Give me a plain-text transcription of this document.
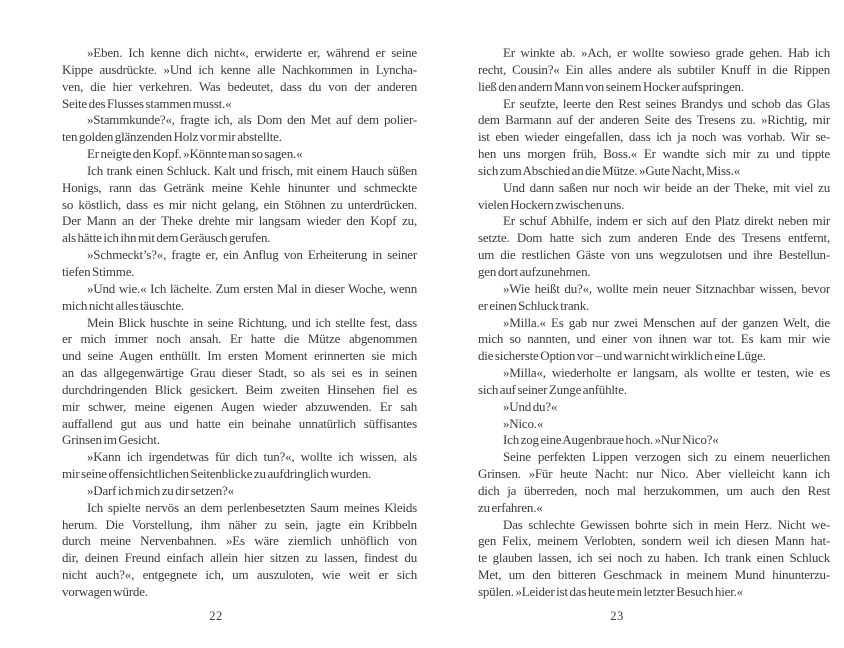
»Eben. Ich kenne dich nicht«, erwiderte er, während er seine
Kippe ausdrückte. »Und ich kenne alle Nachkommen in Lyncha-
ven, die hier verkehren. Was bedeutet, dass du von der anderen
Seite des Flusses stammen musst.«
»Stammkunde?«, fragte ich, als Dom den Met auf dem polier-
ten golden glänzenden Holz vor mir abstellte.
Er neigte den Kopf. »Könnte man so sagen.«
Ich trank einen Schluck. Kalt und frisch, mit einem Hauch süßen
Honigs, rann das Getränk meine Kehle hinunter und schmeckte
so köstlich, dass es mir nicht gelang, ein Stöhnen zu unterdrücken.
Der Mann an der Theke drehte mir langsam wieder den Kopf zu,
als hätte ich ihn mit dem Geräusch gerufen.
»Schmeckt’s?«, fragte er, ein Anflug von Erheiterung in seiner
tiefen Stimme.
»Und wie.« Ich lächelte. Zum ersten Mal in dieser Woche, wenn
mich nicht alles täuschte.
Mein Blick huschte in seine Richtung, und ich stellte fest, dass
er mich immer noch ansah. Er hatte die Mütze abgenommen
und seine Augen enthüllt. Im ersten Moment erinnerten sie mich
an das allgegenwärtige Grau dieser Stadt, so als sei es in seinen
durchdringenden Blick gesickert. Beim zweiten Hinsehen fiel es
mir schwer, meine eigenen Augen wieder abzuwenden. Er sah
auffallend gut aus und hatte ein beinahe unnatürlich süffisantes
Grinsen im Gesicht.
»Kann ich irgendetwas für dich tun?«, wollte ich wissen, als
mir seine offensichtlichen Seitenblicke zu aufdringlich wurden.
»Darf ich mich zu dir setzen?«
Ich spielte nervös an dem perlenbesetzten Saum meines Kleids
herum. Die Vorstellung, ihm näher zu sein, jagte ein Kribbeln
durch meine Nervenbahnen. »Es wäre ziemlich unhöflich von
dir, deinen Freund einfach allein hier sitzen zu lassen, findest du
nicht auch?«, entgegnete ich, um auszuloten, wie weit er sich
vorwagen würde.
Er winkte ab. »Ach, er wollte sowieso grade gehen. Hab ich
recht, Cousin?« Ein alles andere als subtiler Knuff in die Rippen
ließ den andern Mann von seinem Hocker aufspringen.
Er seufzte, leerte den Rest seines Brandys und schob das Glas
dem Barmann auf der anderen Seite des Tresens zu. »Richtig, mir
ist eben wieder eingefallen, dass ich ja noch was vorhab. Wir se-
hen uns morgen früh, Boss.« Er wandte sich mir zu und tippte
sich zum Abschied an die Mütze. »Gute Nacht, Miss.«
Und dann saßen nur noch wir beide an der Theke, mit viel zu
vielen Hockern zwischen uns.
Er schuf Abhilfe, indem er sich auf den Platz direkt neben mir
setzte. Dom hatte sich zum anderen Ende des Tresens entfernt,
um die restlichen Gäste von uns wegzulotsen und ihre Bestellun-
gen dort aufzunehmen.
»Wie heißt du?«, wollte mein neuer Sitznachbar wissen, bevor
er einen Schluck trank.
»Milla.« Es gab nur zwei Menschen auf der ganzen Welt, die
mich so nannten, und einer von ihnen war tot. Es kam mir wie
die sicherste Option vor – und war nicht wirklich eine Lüge.
»Milla«, wiederholte er langsam, als wollte er testen, wie es
sich auf seiner Zunge anfühlte.
»Und du?«
»Nico.«
Ich zog eine Augenbraue hoch. »Nur Nico?«
Seine perfekten Lippen verzogen sich zu einem neuerlichen
Grinsen. »Für heute Nacht: nur Nico. Aber vielleicht kann ich
dich ja überreden, noch mal herzukommen, um auch den Rest
zu erfahren.«
Das schlechte Gewissen bohrte sich in mein Herz. Nicht we-
gen Felix, meinem Verlobten, sondern weil ich diesen Mann hat-
te glauben lassen, ich sei noch zu haben. Ich trank einen Schluck
Met, um den bitteren Geschmack in meinem Mund hinunterzu-
spülen. »Leider ist das heute mein letzter Besuch hier.«
22	23
